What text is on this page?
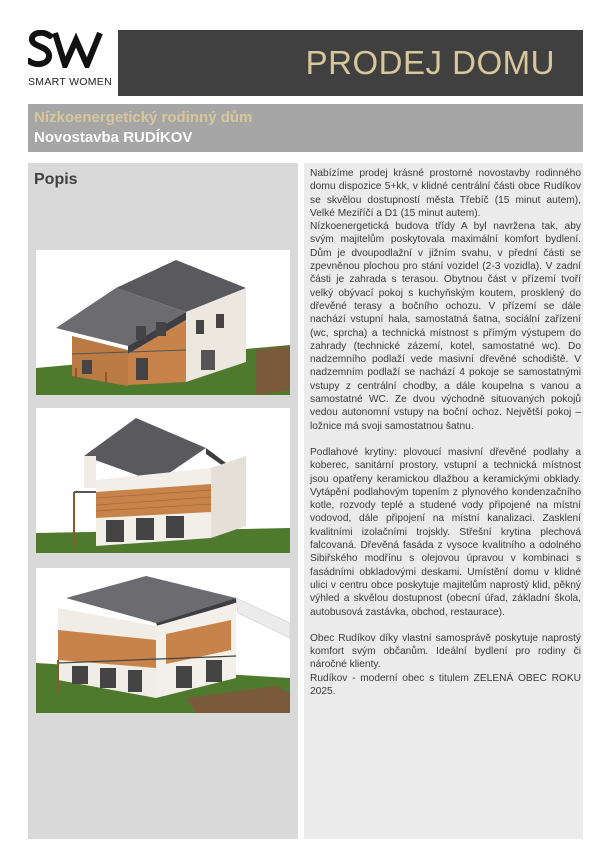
SMART WOMEN
PRODEJ DOMU
Nízkoenergetický rodinný dům
Novostavba RUDÍKOV
Popis	Nabízíme prodej krásné prostorné novostavby rodinného domu dispozice 5+kk, v klidné centrální části obce Rudíkov se skvělou dostupností města Třebíč (15 minut autem), Velké Meziříčí a D1 (15 minut autem).

Nízkoenergetická budova třídy A byl navržena tak, aby svým majitelům poskytovala maximální komfort bydlení. Dům je dvoupodlažní v jižním svahu, v přední části se zpevněnou plochou pro stání vozidel (2-3 vozidla). V zadní části je zahrada s terasou. Obytnou část v přízemí tvoří velký obývací pokoj s kuchyňským koutem, prosklený do dřevěné terasy a bočního ochozu. V přízemí se dále nachází vstupní hala, samostatná šatna, sociální zařízení (wc, sprcha) a technická místnost s přímým výstupem do zahrady (technické zázemí, kotel, samostatné wc). Do nadzemního podlaží vede masivní dřevěné schodiště. V nadzemním podlaží se nachází 4 pokoje se samostatnými vstupy z centrální chodby, a dále koupelna s vanou a samostatné WC. Ze dvou východně situovaných pokojů vedou autonomní vstupy na boční ochoz. Největší pokoj – ložnice má svoji samostatnou šatnu.

Podlahové krytiny: plovoucí masivní dřevěné podlahy a koberec, sanitární prostory, vstupní a technická místnost jsou opatřeny keramickou dlažbou a keramickými obklady. Vytápění podlahovým topením z plynového kondenzačního kotle, rozvody teplé a studené vody připojené na místní vodovod, dále připojení na místní kanalizaci. Zasklení kvalitními izolačními trojskly. Střešní krytina plechová falcovaná. Dřevěná fasáda z vysoce kvalitního a odolného Sibiřského modřínu s olejovou úpravou v kombinaci s fasádními obkladovými deskami. Umístění domu v klidné ulici v centru obce poskytuje majitelům naprostý klid, pěkný výhled a skvělou dostupnost (obecní úřad, základní škola, autobusová zastávka, obchod, restaurace).

Obec Rudíkov díky vlastní samosprávě poskytuje naprostý komfort svým občanům. Ideální bydlení pro rodiny či náročné klienty.

Rudíkov - moderní obec s titulem ZELENÁ OBEC ROKU 2025.
